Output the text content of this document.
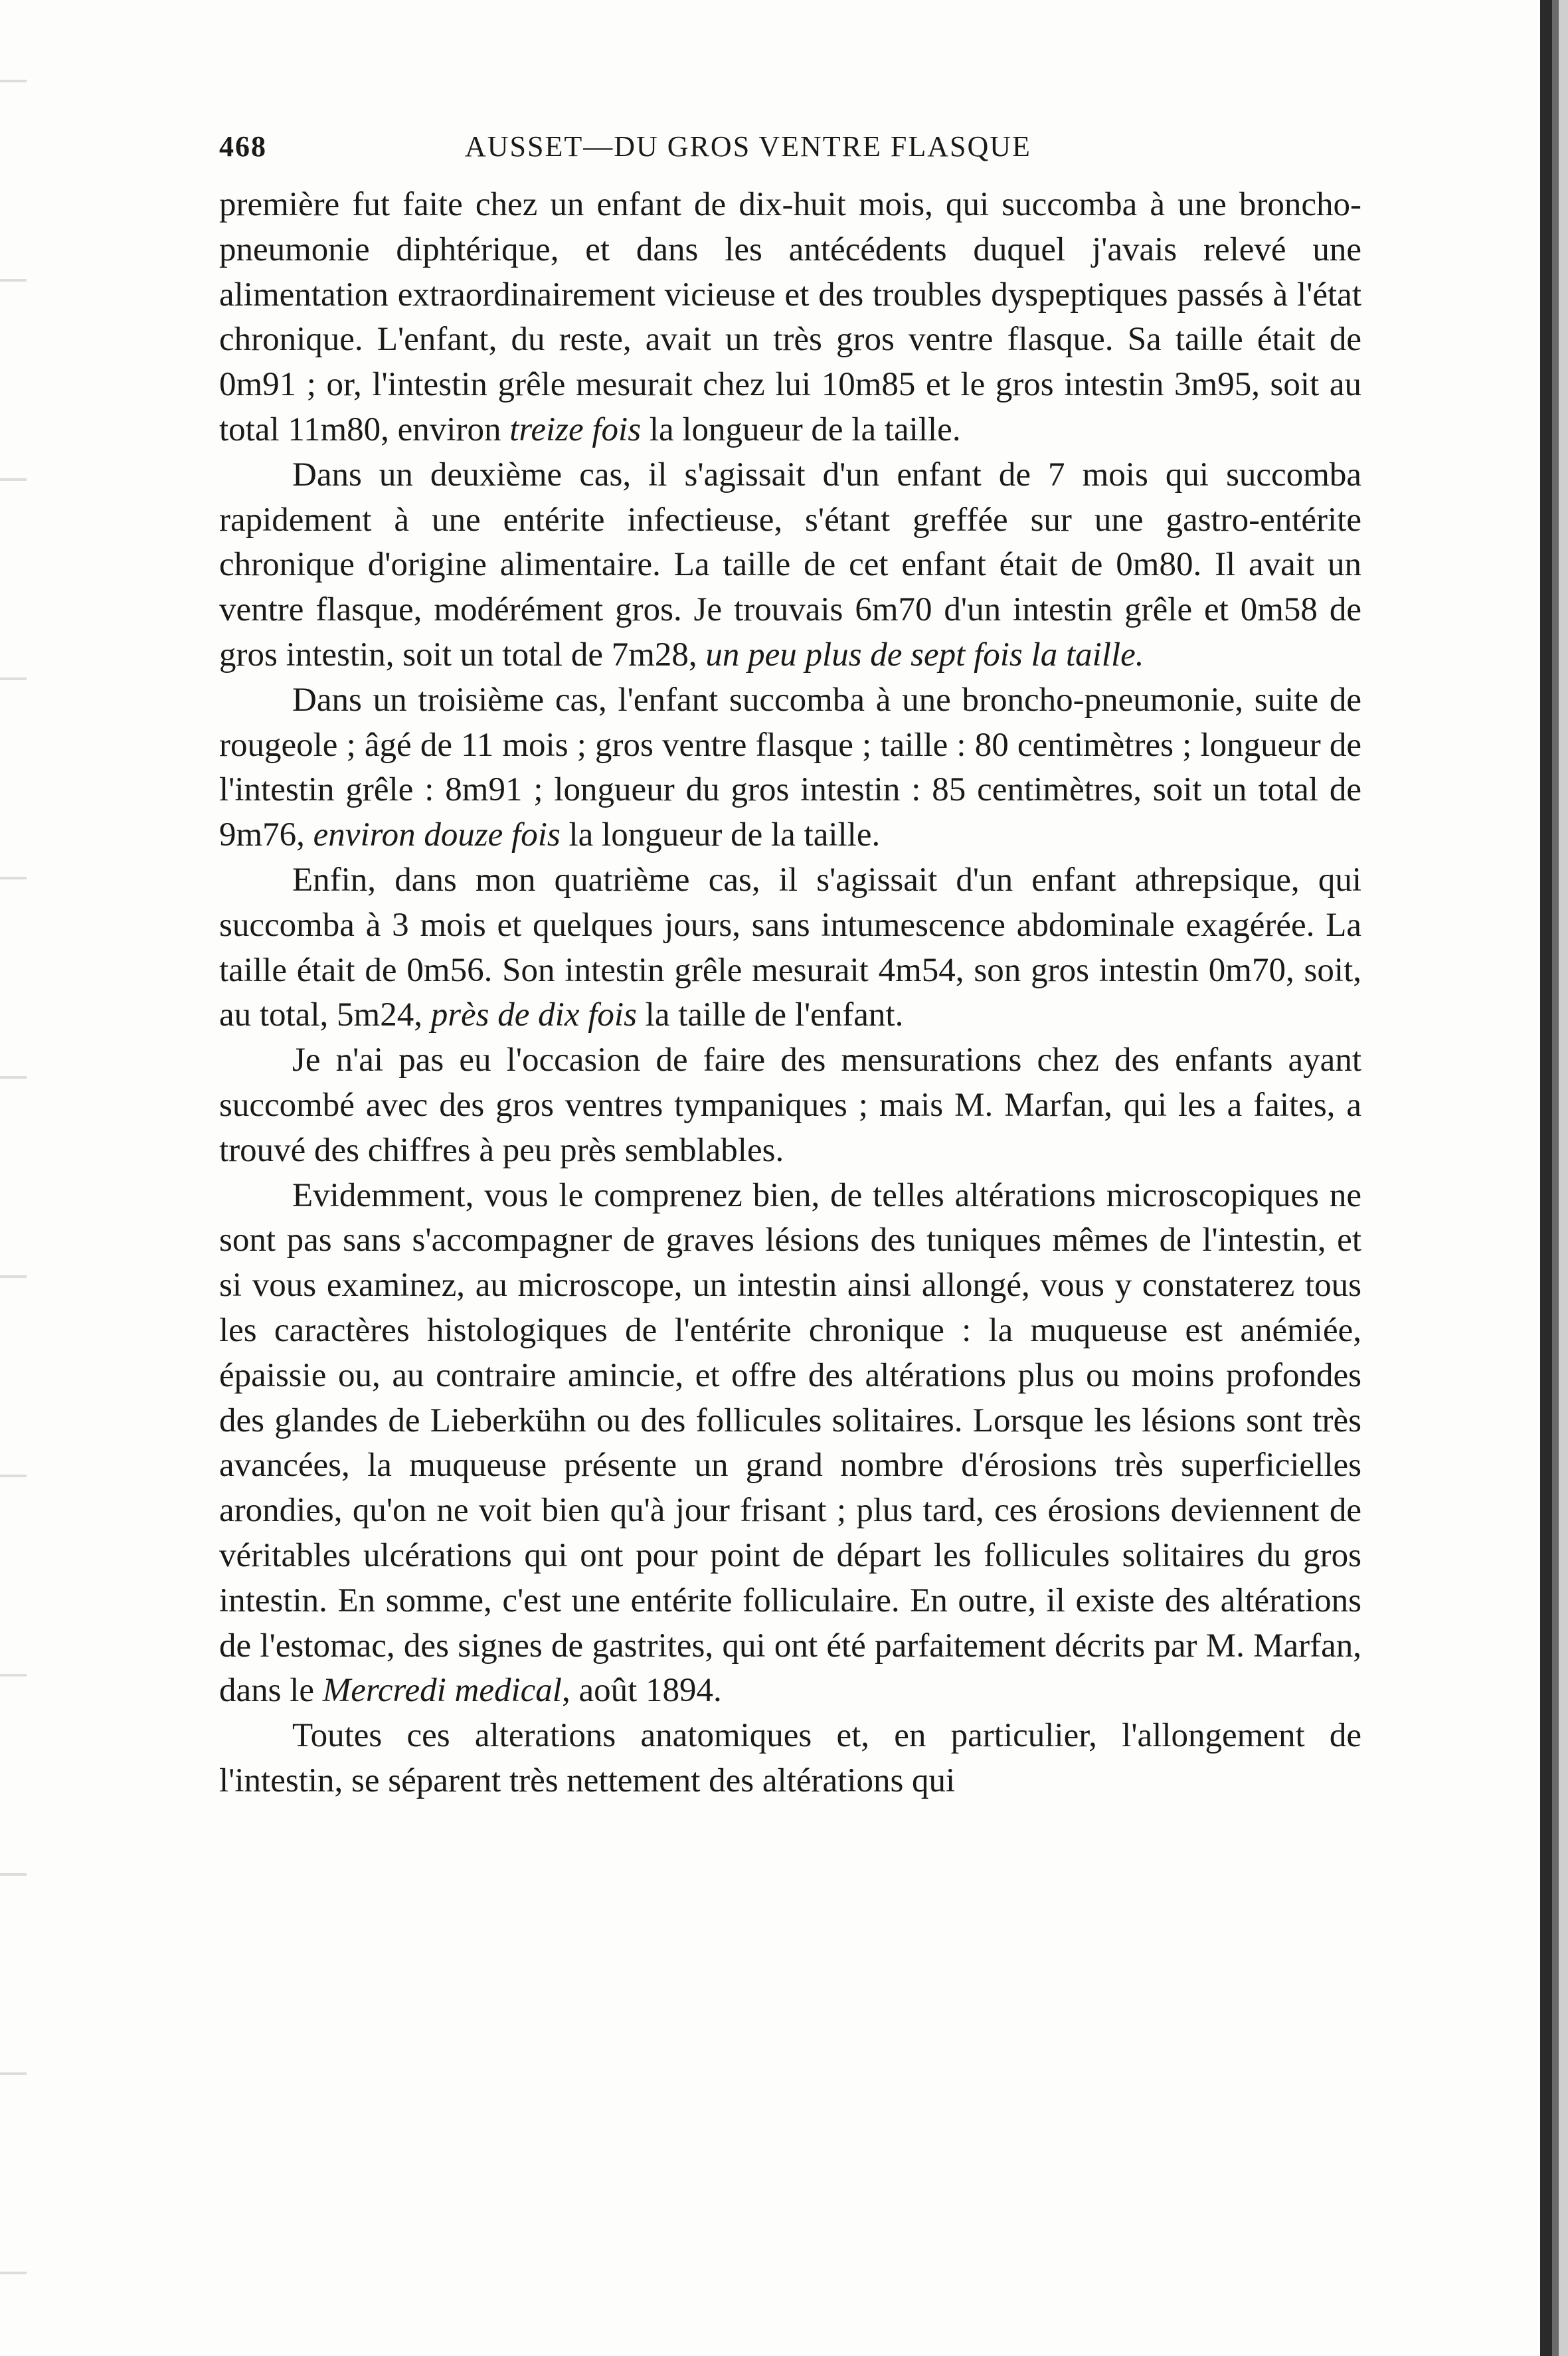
468	AUSSET—DU GROS VENTRE FLASQUE

première fut faite chez un enfant de dix-huit mois, qui succomba à une broncho-pneumonie diphtérique, et dans les antécédents duquel j'avais relevé une alimentation extraordinairement vicieuse et des troubles dyspeptiques passés à l'état chronique. L'enfant, du reste, avait un très gros ventre flasque. Sa taille était de 0m91 ; or, l'intestin grêle mesurait chez lui 10m85 et le gros intestin 3m95, soit au total 11m80, environ treize fois la longueur de la taille.

Dans un deuxième cas, il s'agissait d'un enfant de 7 mois qui succomba rapidement à une entérite infectieuse, s'étant greffée sur une gastro-entérite chronique d'origine alimentaire. La taille de cet enfant était de 0m80. Il avait un ventre flasque, modérément gros. Je trouvais 6m70 d'un intestin grêle et 0m58 de gros intestin, soit un total de 7m28, un peu plus de sept fois la taille.

Dans un troisième cas, l'enfant succomba à une broncho-pneumonie, suite de rougeole ; âgé de 11 mois ; gros ventre flasque ; taille : 80 centimètres ; longueur de l'intestin grêle : 8m91 ; longueur du gros intestin : 85 centimètres, soit un total de 9m76, environ douze fois la longueur de la taille.

Enfin, dans mon quatrième cas, il s'agissait d'un enfant athrepsique, qui succomba à 3 mois et quelques jours, sans intumescence abdominale exagérée. La taille était de 0m56. Son intestin grêle mesurait 4m54, son gros intestin 0m70, soit, au total, 5m24, près de dix fois la taille de l'enfant.

Je n'ai pas eu l'occasion de faire des mensurations chez des enfants ayant succombé avec des gros ventres tympaniques ; mais M. Marfan, qui les a faites, a trouvé des chiffres à peu près semblables.

Evidemment, vous le comprenez bien, de telles altérations microscopiques ne sont pas sans s'accompagner de graves lésions des tuniques mêmes de l'intestin, et si vous examinez, au microscope, un intestin ainsi allongé, vous y constaterez tous les caractères histologiques de l'entérite chronique : la muqueuse est anémiée, épaissie ou, au contraire amincie, et offre des altérations plus ou moins profondes des glandes de Lieberkühn ou des follicules solitaires. Lorsque les lésions sont très avancées, la muqueuse présente un grand nombre d'érosions très superficielles arondies, qu'on ne voit bien qu'à jour frisant ; plus tard, ces érosions deviennent de véritables ulcérations qui ont pour point de départ les follicules solitaires du gros intestin. En somme, c'est une entérite folliculaire. En outre, il existe des altérations de l'estomac, des signes de gastrites, qui ont été parfaitement décrits par M. Marfan, dans le Mercredi medical, août 1894.

Toutes ces alterations anatomiques et, en particulier, l'allongement de l'intestin, se séparent très nettement des altérations qui
